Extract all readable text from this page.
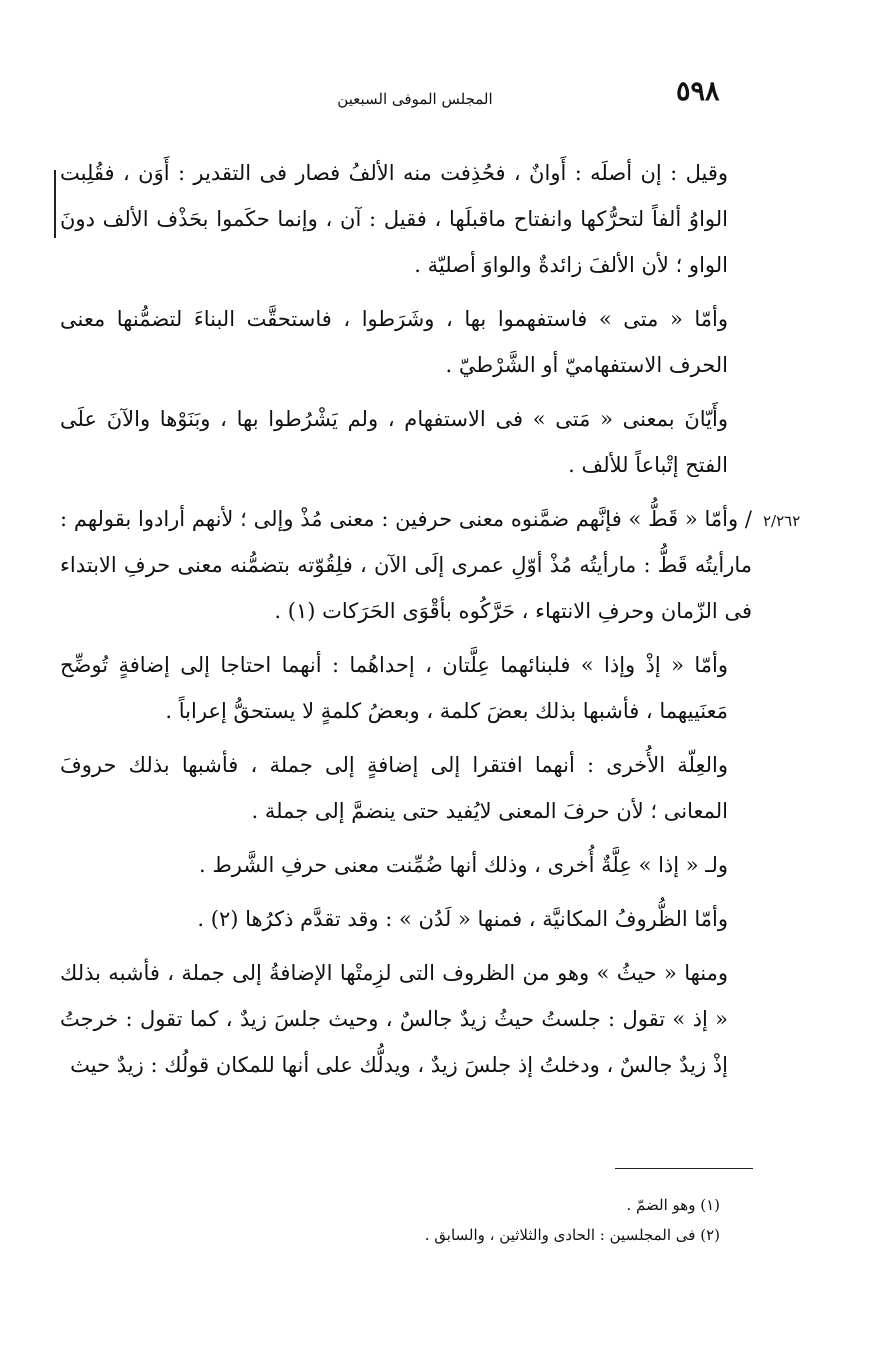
٥٩٨
المجلس الموفى السبعين
٢/٢٦٢

وقيل : إن أصلَه : أَوانٌ ، فحُذِفت منه الألفُ فصار فى التقدير : أَوَن ، فقُلِبت الواوُ ألفاً لتحرُّكها وانفتاح ماقبلَها ، فقيل : آن ، وإنما حكَموا بحَذْف الألف دونَ الواو ؛ لأن الألفَ زائدةٌ والواوَ أصليّة .

وأمّا « متى » فاستفهموا بها ، وشَرَطوا ، فاستحقَّت البناءَ لتضمُّنها معنى الحرف الاستفهاميّ أو الشَّرْطيّ .

وأَيّانَ بمعنى « مَتى » فى الاستفهام ، ولم يَشْرُطوا بها ، وبَنَوْها والآنَ علَى الفتح إتْباعاً للألف .

/ وأمّا « قَطُّ » فإنَّهم ضمَّنوه معنى حرفين : معنى مُذْ وإلى ؛ لأنهم أرادوا بقولهم : مارأيتُه قَطُّ : مارأيتُه مُذْ أوّلِ عمرى إلَى الآن ، فلِقُوّته بتضمُّنه معنى حرفِ الابتداء فى الزّمان وحرفِ الانتهاء ، حَرَّكُوه بأقْوَى الحَرَكات (١) .

وأمّا « إذْ وإذا » فلبنائهما عِلَّتان ، إحداهُما : أنهما احتاجا إلى إضافةٍ تُوضِّح مَعنَييهما ، فأشبها بذلك بعضَ كلمة ، وبعضُ كلمةٍ لا يستحقُّ إعراباً .

والعِلّة الأُخرى : أنهما افتقرا إلى إضافةٍ إلى جملة ، فأشبها بذلك حروفَ المعانى ؛ لأن حرفَ المعنى لايُفيد حتى ينضمَّ إلى جملة .

ولـ « إذا » عِلَّةٌ أُخرى ، وذلك أنها ضُمِّنت معنى حرفِ الشَّرط .

وأمّا الظُّروفُ المكانيَّة ، فمنها « لَدُن » : وقد تقدَّم ذكرُها (٢) .

ومنها « حيثُ » وهو من الظروف التى لزِمتْها الإضافةُ إلى جملة ، فأشبه بذلك « إذ » تقول : جلستُ حيثُ زيدٌ جالسٌ ، وحيث جلسَ زيدٌ ، كما تقول : خرجتُ إذْ زيدٌ جالسٌ ، ودخلتُ إذ جلسَ زيدٌ ، ويدلُّك على أنها للمكان قولُك : زيدٌ حيث

(١) وهو الضمّ .

(٢) فى المجلسين : الحادى والثلاثين ، والسابق .
